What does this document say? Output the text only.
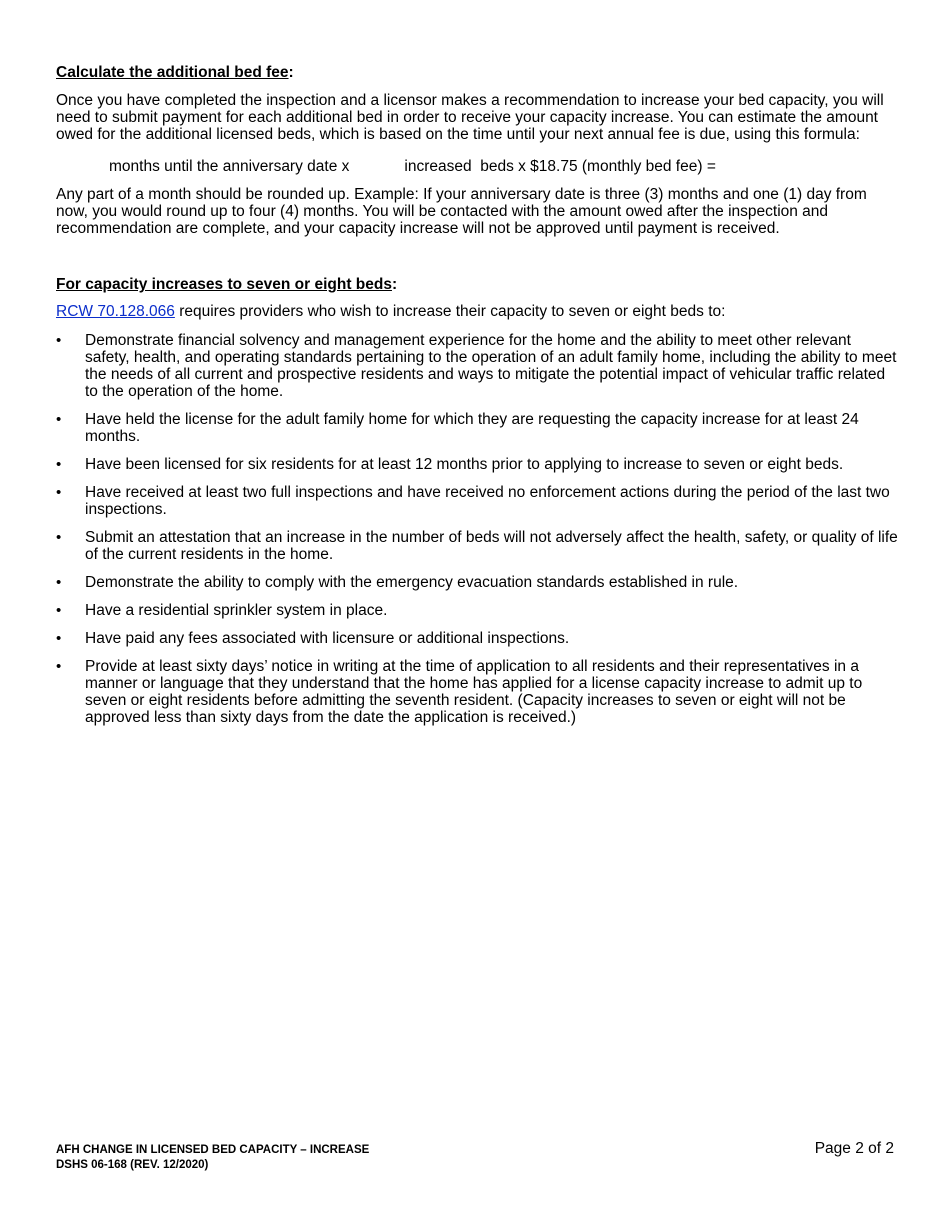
Calculate the additional bed fee:

Once you have completed the inspection and a licensor makes a recommendation to increase your bed capacity, you will need to submit payment for each additional bed in order to receive your capacity increase. You can estimate the amount owed for the additional licensed beds, which is based on the time until your next annual fee is due, using this formula:

months until the anniversary date x	increased  beds x $18.75 (monthly bed fee) =

Any part of a month should be rounded up. Example: If your anniversary date is three (3) months and one (1) day from now, you would round up to four (4) months. You will be contacted with the amount owed after the inspection and recommendation are complete, and your capacity increase will not be approved until payment is received.

For capacity increases to seven or eight beds:

RCW 70.128.066 requires providers who wish to increase their capacity to seven or eight beds to:

•	Demonstrate financial solvency and management experience for the home and the ability to meet other relevant safety, health, and operating standards pertaining to the operation of an adult family home, including the ability to meet the needs of all current and prospective residents and ways to mitigate the potential impact of vehicular traffic related to the operation of the home.
•	Have held the license for the adult family home for which they are requesting the capacity increase for at least 24 months.
•	Have been licensed for six residents for at least 12 months prior to applying to increase to seven or eight beds.
•	Have received at least two full inspections and have received no enforcement actions during the period of the last two inspections.
•	Submit an attestation that an increase in the number of beds will not adversely affect the health, safety, or quality of life of the current residents in the home.
•	Demonstrate the ability to comply with the emergency evacuation standards established in rule.
•	Have a residential sprinkler system in place.
•	Have paid any fees associated with licensure or additional inspections.
•	Provide at least sixty days’ notice in writing at the time of application to all residents and their representatives in a manner or language that they understand that the home has applied for a license capacity increase to admit up to seven or eight residents before admitting the seventh resident. (Capacity increases to seven or eight will not be approved less than sixty days from the date the application is received.)
AFH CHANGE IN LICENSED BED CAPACITY – INCREASE
DSHS 06-168 (REV. 12/2020)
Page 2 of 2
